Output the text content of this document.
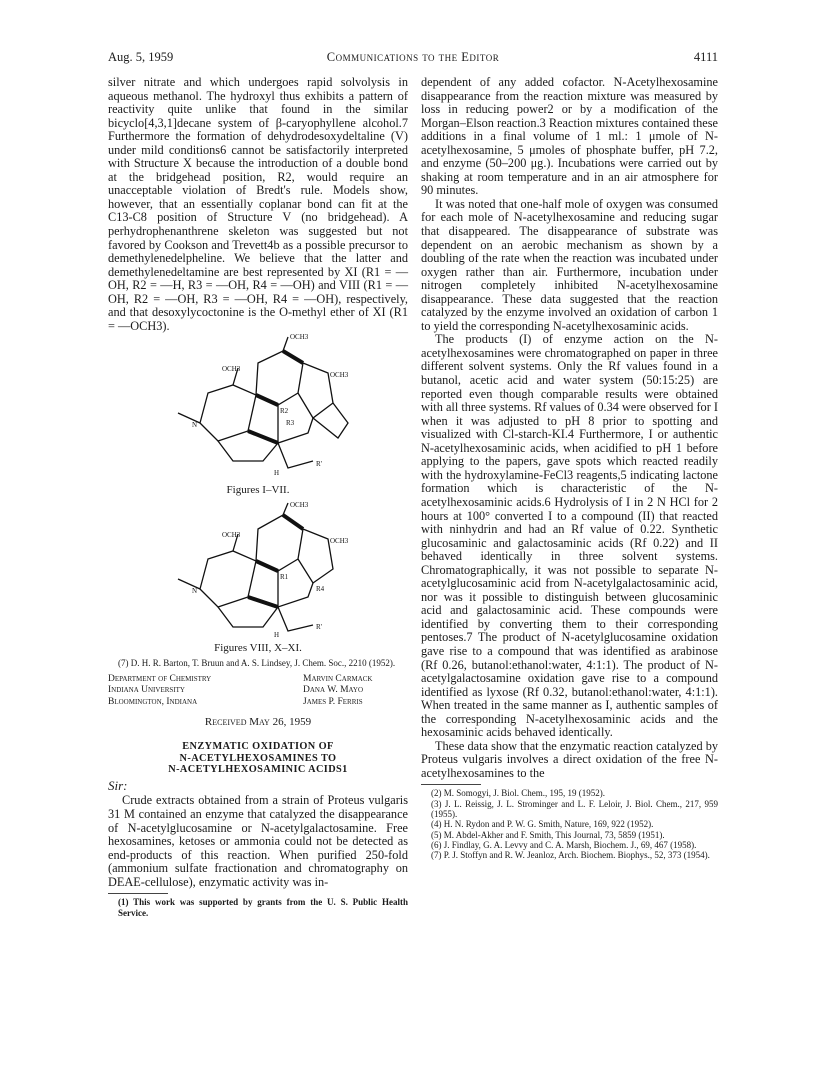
Aug. 5, 1959	Communications to the Editor	4111

silver nitrate and which undergoes rapid solvolysis in aqueous methanol. The hydroxyl thus exhibits a pattern of reactivity quite unlike that found in the similar bicyclo[4,3,1]decane system of β-caryophyllene alcohol.7 Furthermore the formation of dehydrodesoxydeltaline (V) under mild conditions6 cannot be satisfactorily interpreted with Structure X because the introduction of a double bond at the bridgehead position, R2, would require an unacceptable violation of Bredt's rule. Models show, however, that an essentially coplanar bond can fit at the C13-C8 position of Structure V (no bridgehead). A perhydrophenanthrene skeleton was suggested but not favored by Cookson and Trevett4b as a possible precursor to demethylenedelpheline. We believe that the latter and demethylenedeltamine are best represented by XI (R1 = —OH, R2 = —H, R3 = —OH, R4 = —OH) and VIII (R1 = —OH, R2 = —OH, R3 = —OH, R4 = —OH), respectively, and that desoxylycoctonine is the O-methyl ether of XI (R1 = —OCH3).

OCH3
OCH3
OCH3
N
R2
R3
R'
H
Figures I–VII.
OCH3
OCH3
OCH3
N
R1
R4
R'
H
Figures VIII, X–XI.

(7) D. H. R. Barton, T. Bruun and A. S. Lindsey, J. Chem. Soc., 2210 (1952).

Department of Chemistry
Indiana University
Bloomington, Indiana
Marvin Carmack
Dana W. Mayo
James P. Ferris
Received May 26, 1959
ENZYMATIC OXIDATION OF
N-ACETYLHEXOSAMINES TO
N-ACETYLHEXOSAMINIC ACIDS1
Sir:

Crude extracts obtained from a strain of Proteus vulgaris 31 M contained an enzyme that catalyzed the disappearance of N-acetylglucosamine or N-acetylgalactosamine. Free hexosamines, ketoses or ammonia could not be detected as end-products of this reaction. When purified 250-fold (ammonium sulfate fractionation and chromatography on DEAE-cellulose), enzymatic activity was in-

(1) This work was supported by grants from the U. S. Public Health Service.

dependent of any added cofactor. N-Acetylhexosamine disappearance from the reaction mixture was measured by loss in reducing power2 or by a modification of the Morgan–Elson reaction.3 Reaction mixtures contained these additions in a final volume of 1 ml.: 1 μmole of N-acetylhexosamine, 5 μmoles of phosphate buffer, pH 7.2, and enzyme (50–200 μg.). Incubations were carried out by shaking at room temperature and in an air atmosphere for 90 minutes.

It was noted that one-half mole of oxygen was consumed for each mole of N-acetylhexosamine and reducing sugar that disappeared. The disappearance of substrate was dependent on an aerobic mechanism as shown by a doubling of the rate when the reaction was incubated under oxygen rather than air. Furthermore, incubation under nitrogen completely inhibited N-acetylhexosamine disappearance. These data suggested that the reaction catalyzed by the enzyme involved an oxidation of carbon 1 to yield the corresponding N-acetylhexosaminic acids.

The products (I) of enzyme action on the N-acetylhexosamines were chromatographed on paper in three different solvent systems. Only the Rf values found in a butanol, acetic acid and water system (50:15:25) are reported even though comparable results were obtained with all three systems. Rf values of 0.34 were observed for I when it was adjusted to pH 8 prior to spotting and visualized with Cl-starch-KI.4 Furthermore, I or authentic N-acetylhexosaminic acids, when acidified to pH 1 before applying to the papers, gave spots which reacted readily with the hydroxylamine-FeCl3 reagents,5 indicating lactone formation which is characteristic of the N-acetylhexosaminic acids.6 Hydrolysis of I in 2 N HCl for 2 hours at 100° converted I to a compound (II) that reacted with ninhydrin and had an Rf value of 0.22. Synthetic glucosaminic and galactosaminic acids (Rf 0.22) and II behaved identically in three solvent systems. Chromatographically, it was not possible to separate N-acetylglucosaminic acid from N-acetylgalactosaminic acid, nor was it possible to distinguish between glucosaminic acid and galactosaminic acid. These compounds were identified by converting them to their corresponding pentoses.7 The product of N-acetylglucosamine oxidation gave rise to a compound that was identified as arabinose (Rf 0.26, butanol:ethanol:water, 4:1:1). The product of N-acetylgalactosamine oxidation gave rise to a compound identified as lyxose (Rf 0.32, butanol:ethanol:water, 4:1:1). When treated in the same manner as I, authentic samples of the corresponding N-acetylhexosaminic acids and the hexosaminic acids behaved identically.

These data show that the enzymatic reaction catalyzed by Proteus vulgaris involves a direct oxidation of the free N-acetylhexosamines to the

(2) M. Somogyi, J. Biol. Chem., 195, 19 (1952).

(3) J. L. Reissig, J. L. Strominger and L. F. Leloir, J. Biol. Chem., 217, 959 (1955).

(4) H. N. Rydon and P. W. G. Smith, Nature, 169, 922 (1952).

(5) M. Abdel-Akher and F. Smith, This Journal, 73, 5859 (1951).

(6) J. Findlay, G. A. Levvy and C. A. Marsh, Biochem. J., 69, 467 (1958).

(7) P. J. Stoffyn and R. W. Jeanloz, Arch. Biochem. Biophys., 52, 373 (1954).
